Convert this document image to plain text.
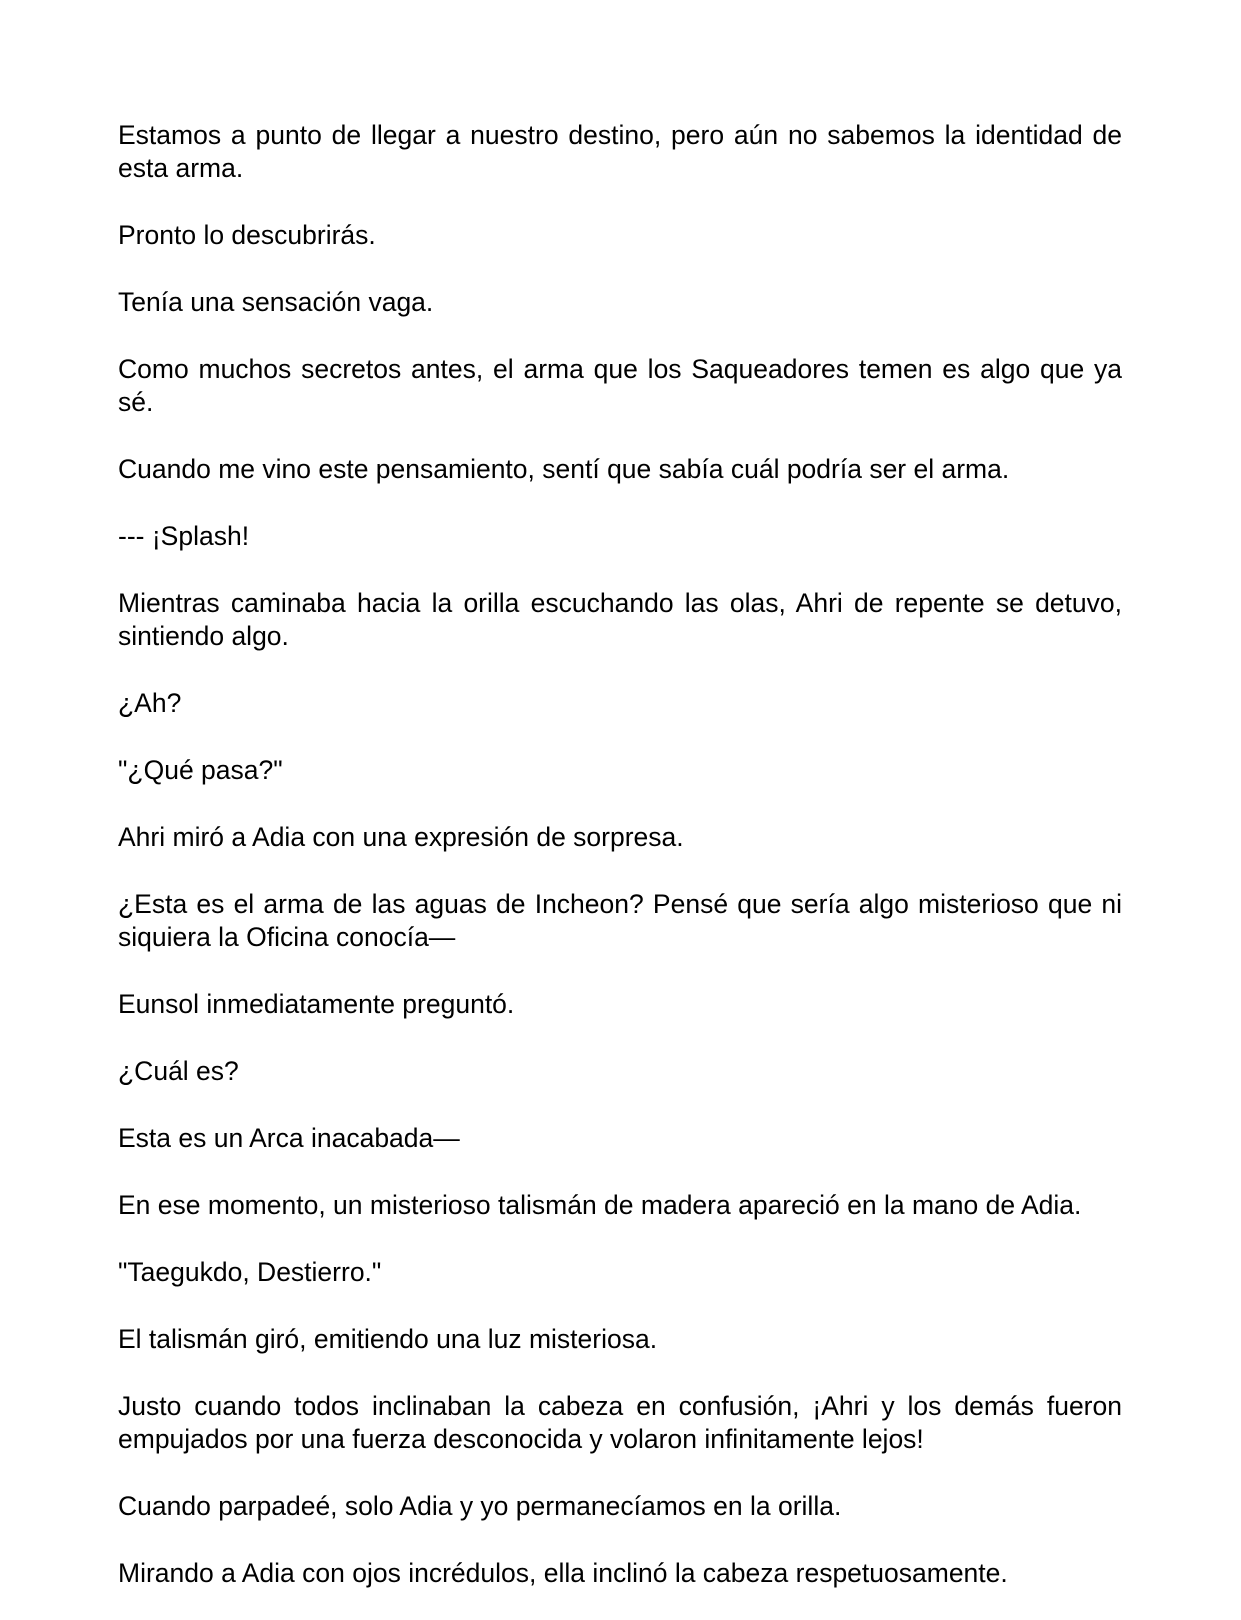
Estamos a punto de llegar a nuestro destino, pero aún no sabemos la identidad de esta arma.

Pronto lo descubrirás.

Tenía una sensación vaga.

Como muchos secretos antes, el arma que los Saqueadores temen es algo que ya sé.

Cuando me vino este pensamiento, sentí que sabía cuál podría ser el arma.

--- ¡Splash!

Mientras caminaba hacia la orilla escuchando las olas, Ahri de repente se detuvo, sintiendo algo.

¿Ah?

"¿Qué pasa?"

Ahri miró a Adia con una expresión de sorpresa.

¿Esta es el arma de las aguas de Incheon? Pensé que sería algo misterioso que ni siquiera la Oficina conocía—

Eunsol inmediatamente preguntó.

¿Cuál es?

Esta es un Arca inacabada—

En ese momento, un misterioso talismán de madera apareció en la mano de Adia.

"Taegukdo, Destierro."

El talismán giró, emitiendo una luz misteriosa.

Justo cuando todos inclinaban la cabeza en confusión, ¡Ahri y los demás fueron empujados por una fuerza desconocida y volaron infinitamente lejos!

Cuando parpadeé, solo Adia y yo permanecíamos en la orilla.

Mirando a Adia con ojos incrédulos, ella inclinó la cabeza respetuosamente.
